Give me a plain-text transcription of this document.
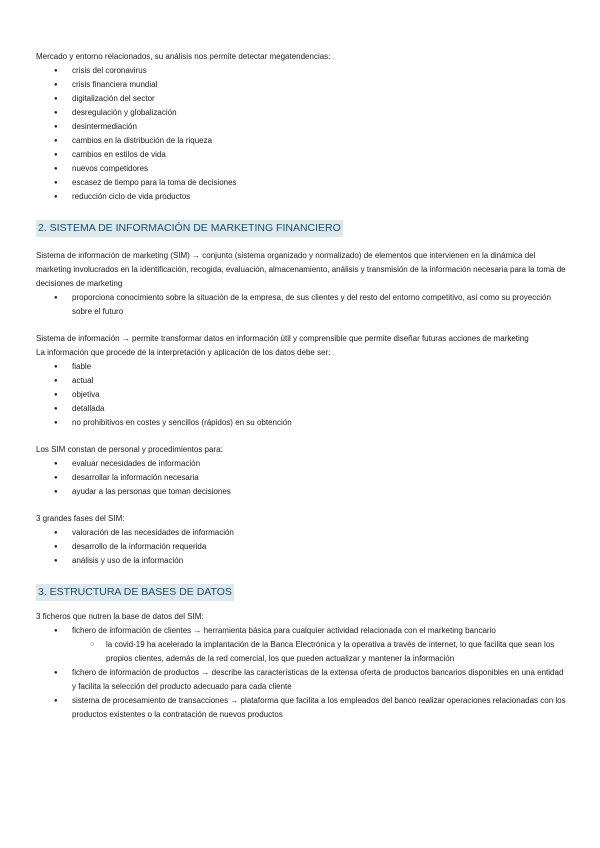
Mercado y entorno relacionados, su análisis nos permite detectar megatendencias:

● crisis del coronavirus
● crisis financiera mundial
● digitalización del sector
● desregulación y globalización
● desintermediación
● cambios en la distribución de la riqueza
● cambios en estilos de vida
● nuevos competidores
● escasez de tiempo para la toma de decisiones
● reducción ciclo de vida productos
2. SISTEMA DE INFORMACIÓN DE MARKETING FINANCIERO

Sistema de información de marketing (SIM) → conjunto (sistema organizado y normalizado) de elementos que intervienen en la dinámica del marketing involucrados en la identificación, recogida, evaluación, almacenamiento, análisis y transmisión de la información necesaria para la toma de decisiones de marketing

● proporciona conocimiento sobre la situación de la empresa, de sus clientes y del resto del entorno competitivo, así como su proyección sobre el futuro

Sistema de información → permite transformar datos en información útil y comprensible que permite diseñar futuras acciones de marketing

La información que procede de la interpretación y aplicación de los datos debe ser:

● fiable
● actual
● objetiva
● detallada
● no prohibitivos en costes y sencillos (rápidos) en su obtención

Los SIM constan de personal y procedimientos para:

● evaluar necesidades de información
● desarrollar la información necesaria
● ayudar a las personas que toman decisiones

3 grandes fases del SIM:

● valoración de las necesidades de información
● desarrollo de la información requerida
● análisis y uso de la información
3. ESTRUCTURA DE BASES DE DATOS

3 ficheros que nutren la base de datos del SIM:

● fichero de información de clientes → herramienta básica para cualquier actividad relacionada con el marketing bancario
○ la covid-19 ha acelerado la implantación de la Banca Electrónica y la operativa a través de internet, lo que facilita que sean los propios clientes, además de la red comercial, los que pueden actualizar y mantener la información
● fichero de información de productos → describe las características de la extensa oferta de productos bancarios disponibles en una entidad y facilita la selección del producto adecuado para cada cliente
● sistema de procesamiento de transacciones → plataforma que facilita a los empleados del banco realizar operaciones relacionadas con los productos existentes o la contratación de nuevos productos
